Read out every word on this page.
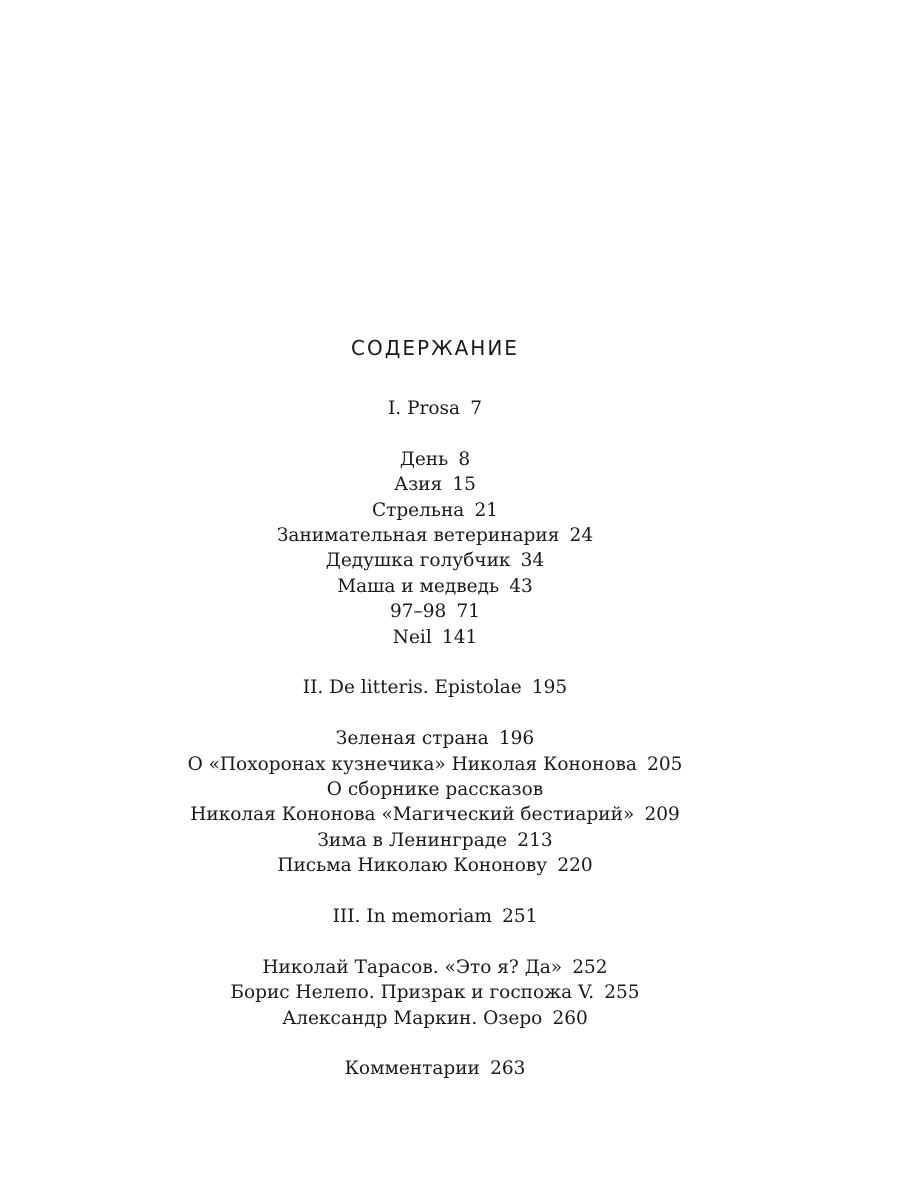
СОДЕРЖАНИЕ
I. Prosa 7
День 8
Азия 15
Стрельна 21
Занимательная ветеринария 24
Дедушка голубчик 34
Маша и медведь 43
97–98 71
Neil 141
II. De litteris. Epistolae 195
Зеленая страна 196
О «Похоронах кузнечика» Николая Кононова 205
О сборнике рассказов
Николая Кононова «Магический бестиарий» 209
Зима в Ленинграде 213
Письма Николаю Кононову 220
III. In memoriam 251
Николай Тарасов. «Это я? Да» 252
Борис Нелепо. Призрак и госпожа V. 255
Александр Маркин. Озеро 260
Комментарии 263
